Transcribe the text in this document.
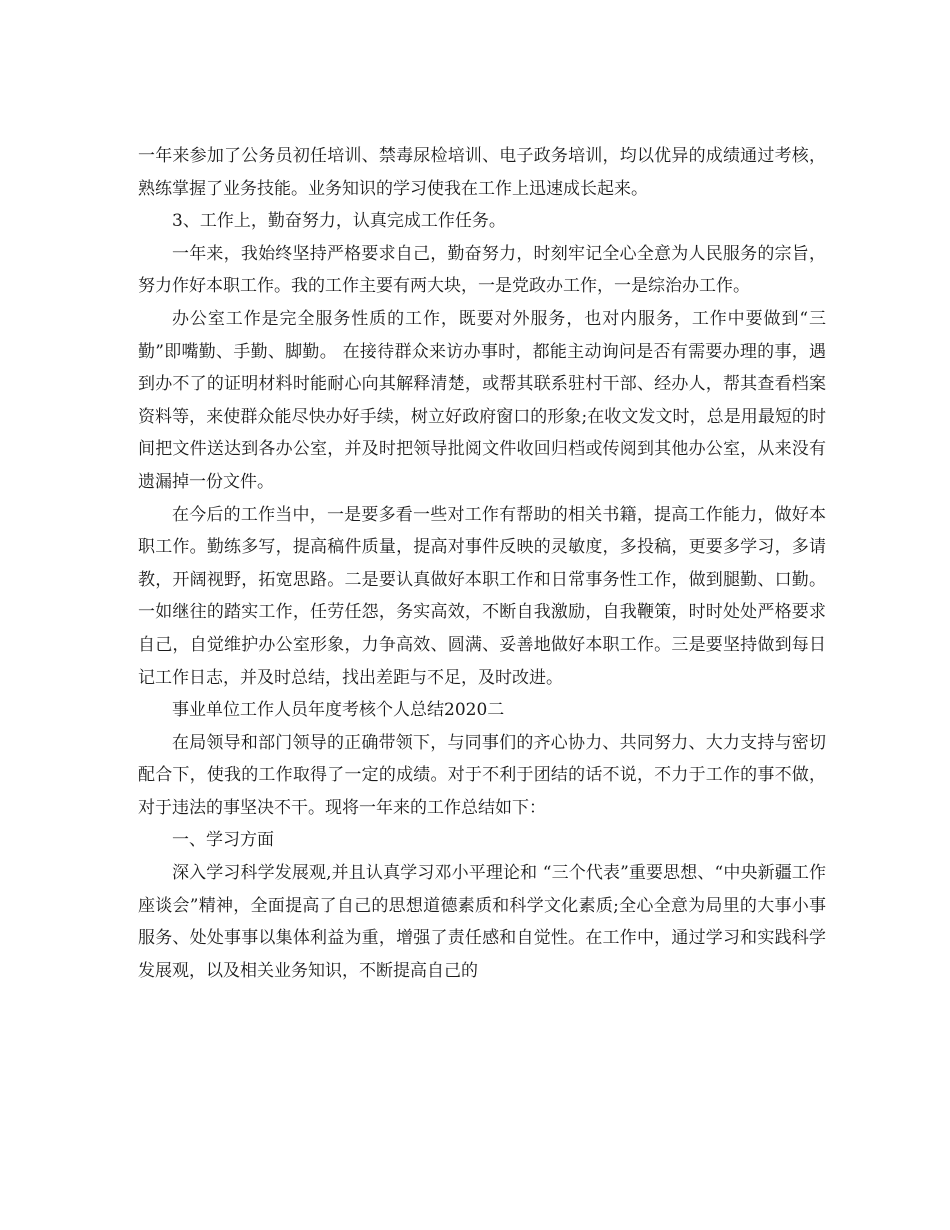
一年来参加了公务员初任培训、禁毒尿检培训、电子政务培训，均以优异的成绩通过考核，熟练掌握了业务技能。业务知识的学习使我在工作上迅速成长起来。

3、工作上，勤奋努力，认真完成工作任务。

一年来，我始终坚持严格要求自己，勤奋努力，时刻牢记全心全意为人民服务的宗旨，努力作好本职工作。我的工作主要有两大块，一是党政办工作，一是综治办工作。

办公室工作是完全服务性质的工作，既要对外服务，也对内服务，工作中要做到“三勤”即嘴勤、手勤、脚勤。 在接待群众来访办事时，都能主动询问是否有需要办理的事，遇到办不了的证明材料时能耐心向其解释清楚，或帮其联系驻村干部、经办人，帮其查看档案资料等，来使群众能尽快办好手续，树立好政府窗口的形象;在收文发文时，总是用最短的时间把文件送达到各办公室，并及时把领导批阅文件收回归档或传阅到其他办公室，从来没有遗漏掉一份文件。

在今后的工作当中，一是要多看一些对工作有帮助的相关书籍，提高工作能力，做好本职工作。勤练多写，提高稿件质量，提高对事件反映的灵敏度，多投稿，更要多学习，多请教，开阔视野，拓宽思路。二是要认真做好本职工作和日常事务性工作，做到腿勤、口勤。一如继往的踏实工作，任劳任怨，务实高效，不断自我激励，自我鞭策，时时处处严格要求自己，自觉维护办公室形象，力争高效、圆满、妥善地做好本职工作。三是要坚持做到每日记工作日志，并及时总结，找出差距与不足，及时改进。

事业单位工作人员年度考核个人总结2020二

在局领导和部门领导的正确带领下，与同事们的齐心协力、共同努力、大力支持与密切配合下，使我的工作取得了一定的成绩。对于不利于团结的话不说，不力于工作的事不做，对于违法的事坚决不干。现将一年来的工作总结如下：

一、学习方面

深入学习科学发展观,并且认真学习邓小平理论和 “三个代表”重要思想、“中央新疆工作座谈会”精神，全面提高了自己的思想道德素质和科学文化素质;全心全意为局里的大事小事服务、处处事事以集体利益为重，增强了责任感和自觉性。在工作中，通过学习和实践科学发展观，以及相关业务知识，不断提高自己的
